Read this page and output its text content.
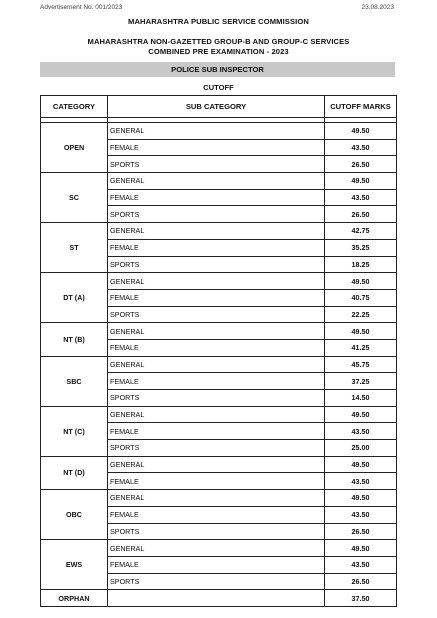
Advertisement No. 001/2023	23.08.2023
MAHARASHTRA PUBLIC SERVICE COMMISSION
MAHARASHTRA NON-GAZETTED GROUP-B AND GROUP-C SERVICES
COMBINED PRE EXAMINATION - 2023
POLICE SUB INSPECTOR
CUTOFF
CATEGORY	SUB CATEGORY	CUTOFF MARKS

OPEN	GENERAL	49.50
	FEMALE	43.50
	SPORTS	26.50
SC	GENERAL	49.50
	FEMALE	43.50
	SPORTS	26.50
ST	GENERAL	42.75
	FEMALE	35.25
	SPORTS	18.25
DT (A)	GENERAL	49.50
	FEMALE	40.75
	SPORTS	22.25
NT (B)	GENERAL	49.50
	FEMALE	41.25
SBC	GENERAL	45.75
	FEMALE	37.25
	SPORTS	14.50
NT (C)	GENERAL	49.50
	FEMALE	43.50
	SPORTS	25.00
NT (D)	GENERAL	49.50
	FEMALE	43.50
OBC	GENERAL	49.50
	FEMALE	43.50
	SPORTS	26.50
EWS	GENERAL	49.50
	FEMALE	43.50
	SPORTS	26.50
ORPHAN		37.50
